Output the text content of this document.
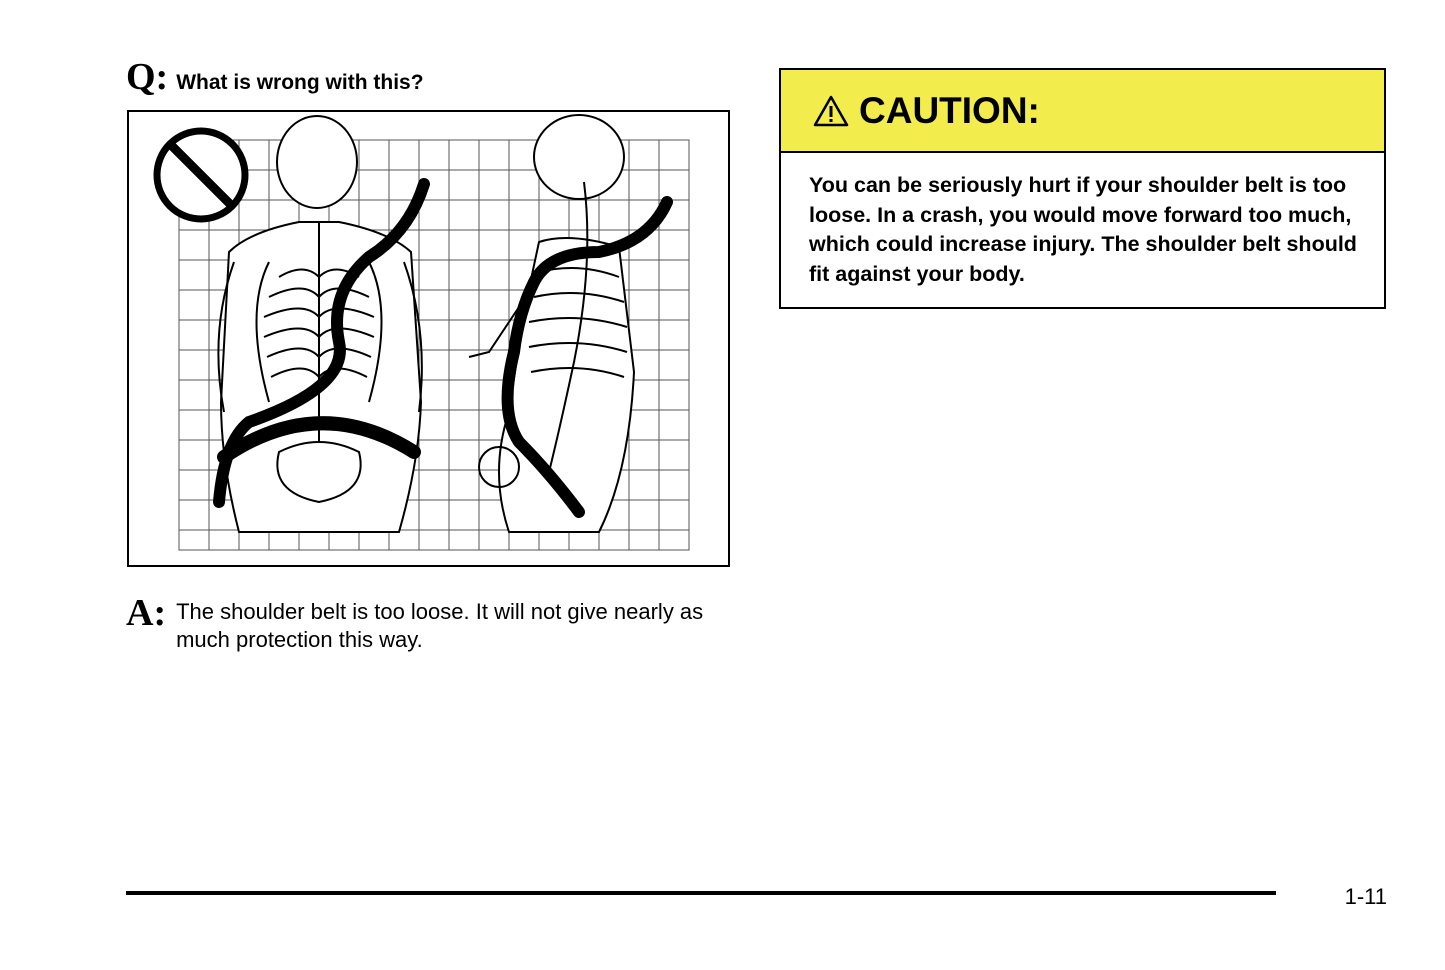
Q: What is wrong with this?
A: The shoulder belt is too loose. It will not give nearly as much protection this way.
CAUTION:
You can be seriously hurt if your shoulder belt is too loose. In a crash, you would move forward too much, which could increase injury. The shoulder belt should fit against your body.
1-11
